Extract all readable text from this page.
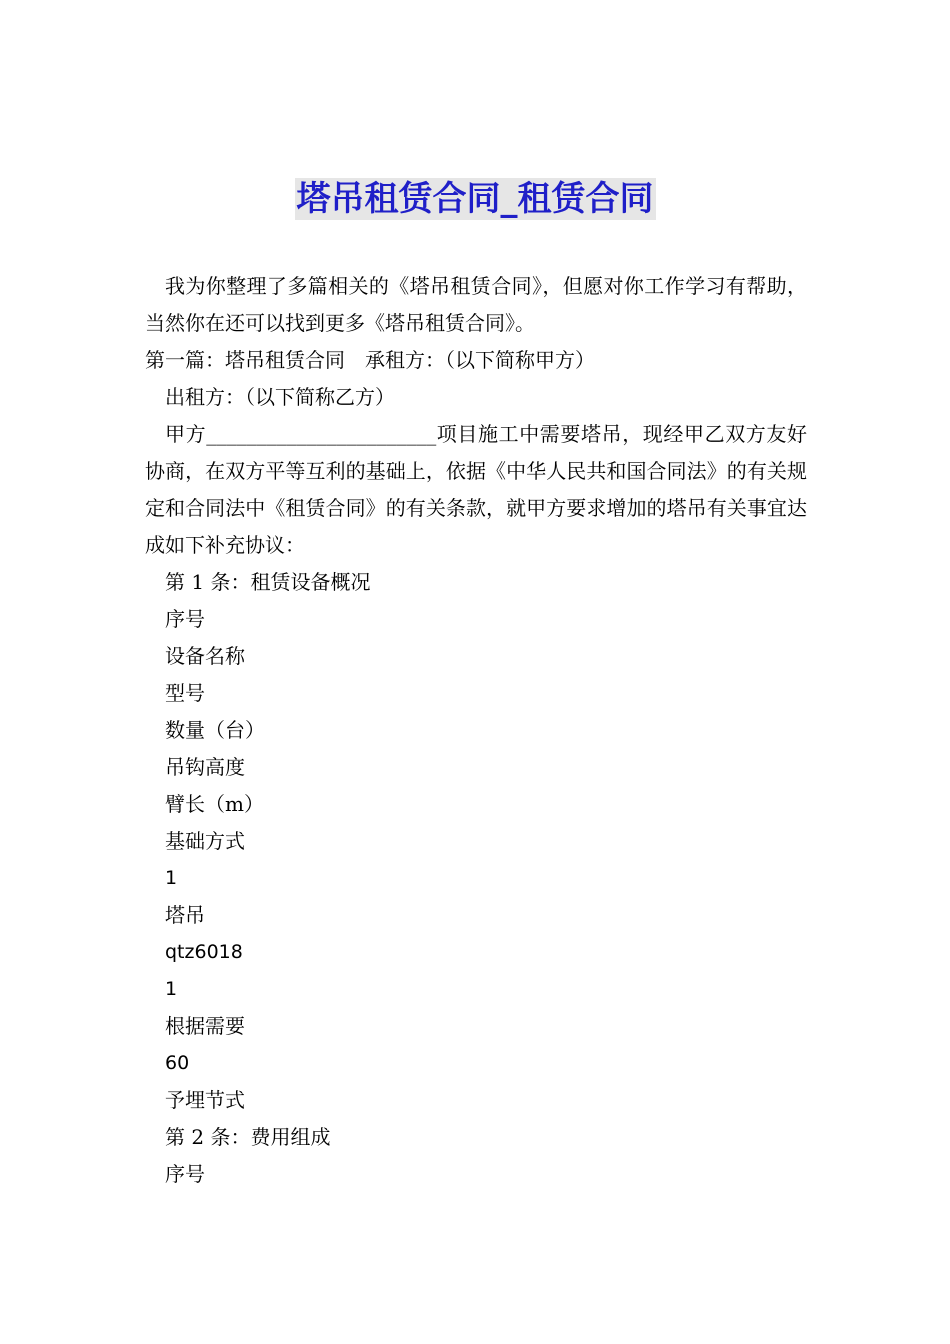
塔吊租赁合同_租赁合同

我为你整理了多篇相关的《塔吊租赁合同》，但愿对你工作学习有帮助，当然你在还可以找到更多《塔吊租赁合同》。

第一篇：塔吊租赁合同　承租方：（以下简称甲方）

出租方：（以下简称乙方）

甲方_______________________项目施工中需要塔吊，现经甲乙双方友好协商，在双方平等互利的基础上，依据《中华人民共和国合同法》的有关规定和合同法中《租赁合同》的有关条款，就甲方要求增加的塔吊有关事宜达成如下补充协议：

第 1 条：租赁设备概况

序号

设备名称

型号

数量（台）

吊钩高度

臂长（m）

基础方式

1

塔吊

qtz6018

1

根据需要

60

予埋节式

第 2 条：费用组成

序号
